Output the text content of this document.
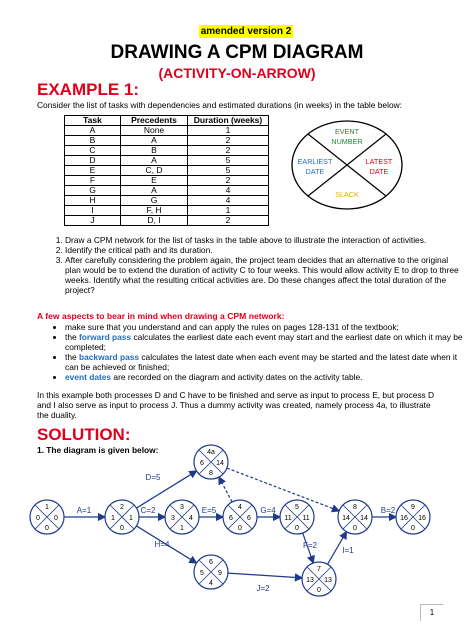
amended version 2
DRAWING A CPM DIAGRAM
(ACTIVITY-ON-ARROW)
EXAMPLE 1:
Consider the list of tasks with dependencies and estimated durations (in weeks) in the table below:
Task	Precedents	Duration (weeks)
A	None	1
B	A	2
C	B	2
D	A	5
E	C, D	5
F	E	2
G	A	4
H	G	4
I	F, H	1
J	D, I	2
EVENT NUMBER
EARLIEST DATE
LATEST DATE
SLACK
1. Draw a CPM network for the list of tasks in the table above to illustrate the interaction of activities.
2. Identify the critical path and its duration.
3. After carefully considering the problem again, the project team decides that an alternative to the original plan would be to extend the duration of activity C to four weeks. This would allow activity E to drop to three weeks. Identify what the resulting critical activities are. Do these changes affect the total duration of the project?
A few aspects to bear in mind when drawing a CPM network:
• make sure that you understand and can apply the rules on pages 128-131 of the textbook;
• the forward pass calculates the earliest date each event may start and the earliest date on which it may be completed;
• the backward pass calculates the latest date when each event may be started and the latest date when it can be achieved or finished;
• event dates are recorded on the diagram and activity dates on the activity table.
In this example both processes D and C have to be finished and serve as input to process E, but process D and I also serve as input to process J. Thus a dummy activity was created, namely process 4a, to illustrate the duality.
SOLUTION:
1. The diagram is given below:
A=1	C=2	E=5
D=5
G=4
H=4
J=2
F=2
I=1
B=2
1
0 0
0
2
1 1
0
3
3 4
1
4
6 6
0
4a
6 14
8
5
11 11
0
6
5 9
4
7
13 13
0
8
14 14
0
9
16 16
0
1
